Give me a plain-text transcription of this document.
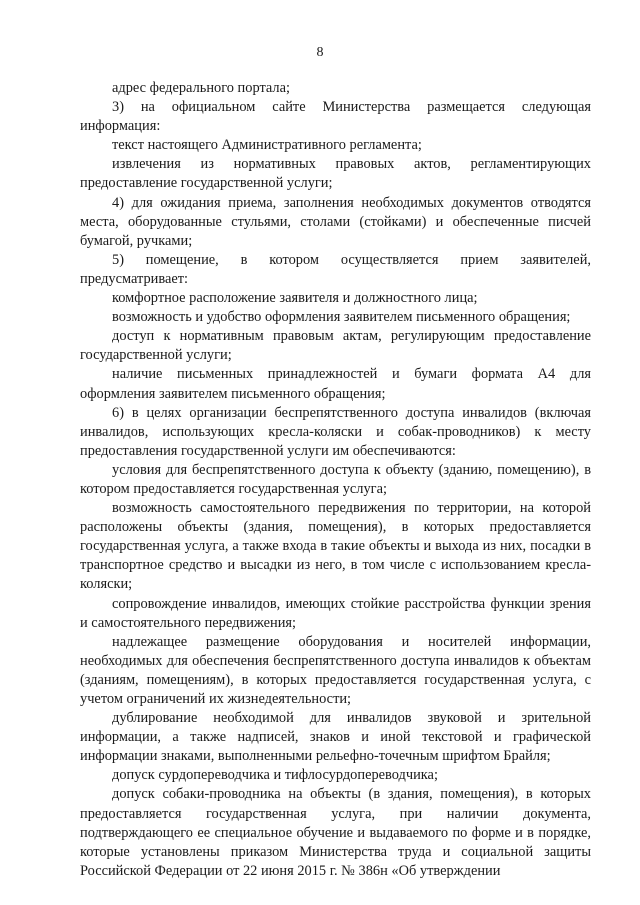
8

адрес федерального портала;

3) на официальном сайте Министерства размещается следующая информация:

текст настоящего Административного регламента;

извлечения из нормативных правовых актов, регламентирующих предоставление государственной услуги;

4) для ожидания приема, заполнения необходимых документов отводятся места, оборудованные стульями, столами (стойками) и обеспеченные писчей бумагой, ручками;

5) помещение, в котором осуществляется прием заявителей, предусматривает:

комфортное расположение заявителя и должностного лица;

возможность и удобство оформления заявителем письменного обращения;

доступ к нормативным правовым актам, регулирующим предоставление государственной услуги;

наличие письменных принадлежностей и бумаги формата А4 для оформления заявителем письменного обращения;

6) в целях организации беспрепятственного доступа инвалидов (включая инвалидов, использующих кресла-коляски и собак-проводников) к месту предоставления государственной услуги им обеспечиваются:

условия для беспрепятственного доступа к объекту (зданию, помещению), в котором предоставляется государственная услуга;

возможность самостоятельного передвижения по территории, на которой расположены объекты (здания, помещения), в которых предоставляется государственная услуга, а также входа в такие объекты и выхода из них, посадки в транспортное средство и высадки из него, в том числе с использованием кресла-коляски;

сопровождение инвалидов, имеющих стойкие расстройства функции зрения и самостоятельного передвижения;

надлежащее размещение оборудования и носителей информации, необходимых для обеспечения беспрепятственного доступа инвалидов к объектам (зданиям, помещениям), в которых предоставляется государственная услуга, с учетом ограничений их жизнедеятельности;

дублирование необходимой для инвалидов звуковой и зрительной информации, а также надписей, знаков и иной текстовой и графической информации знаками, выполненными рельефно-точечным шрифтом Брайля;

допуск сурдопереводчика и тифлосурдопереводчика;

допуск собаки-проводника на объекты (в здания, помещения), в которых предоставляется государственная услуга, при наличии документа, подтверждающего ее специальное обучение и выдаваемого по форме и в порядке, которые установлены приказом Министерства труда и социальной защиты Российской Федерации от 22 июня 2015 г. № 386н «Об утверждении
